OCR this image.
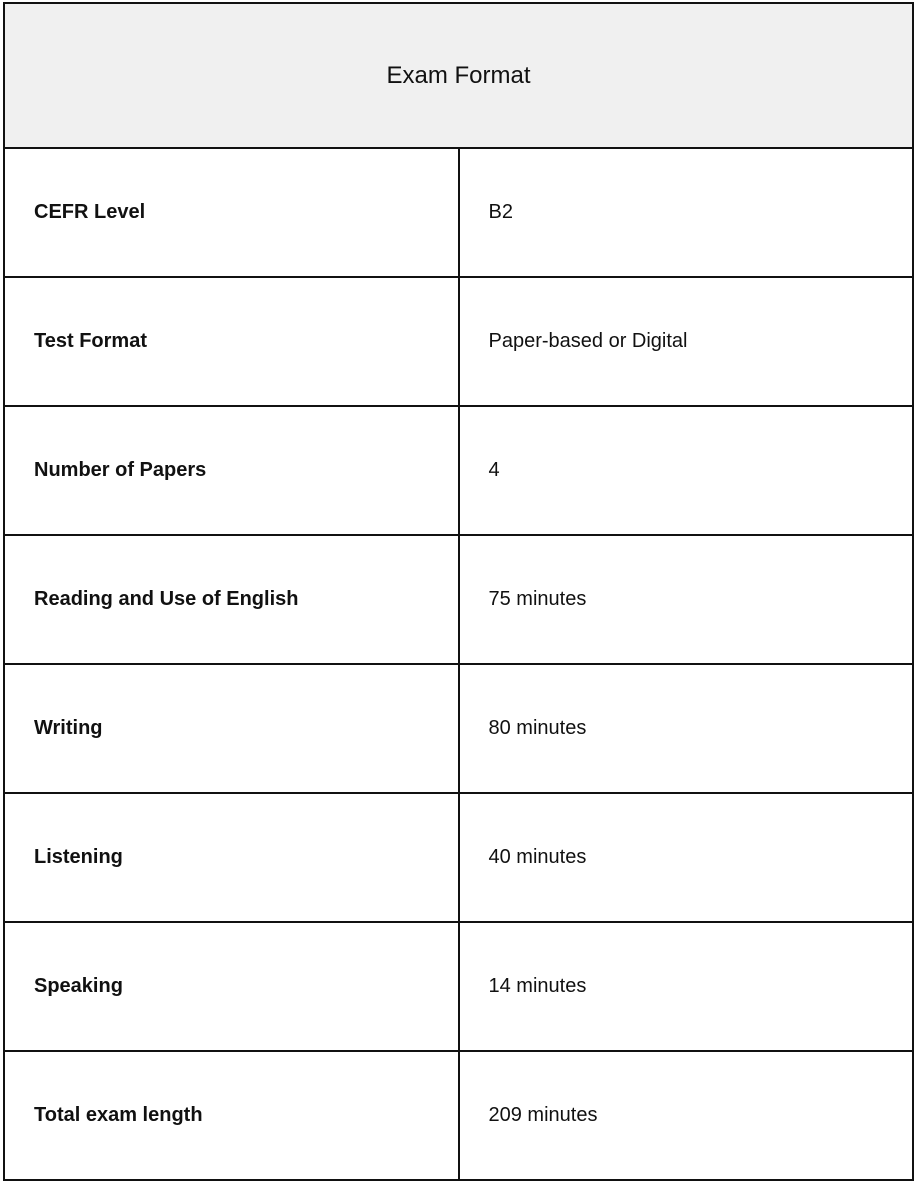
Exam Format	
CEFR Level	B2
Test Format	Paper-based or Digital
Number of Papers	4
Reading and Use of English	75 minutes
Writing	80 minutes
Listening	40 minutes
Speaking	14 minutes
Total exam length	209 minutes
